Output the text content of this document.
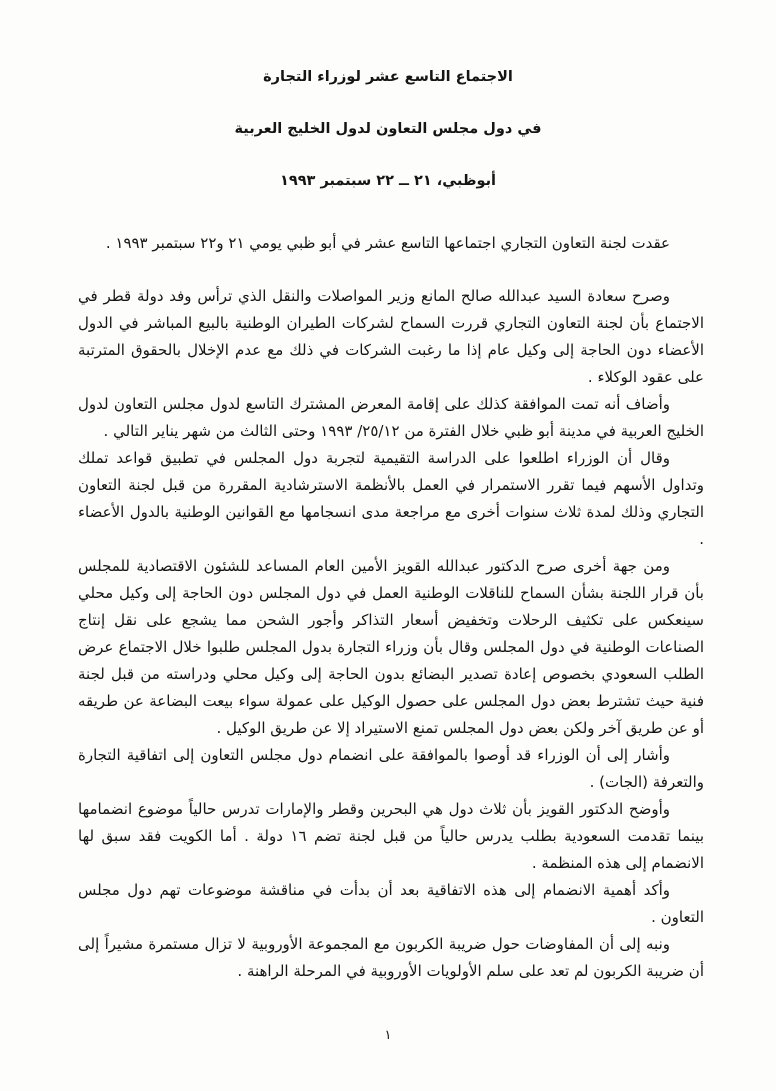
الاجتماع التاسع عشر لوزراء التجارة
في دول مجلس التعاون لدول الخليج العربية
أبوظبي، ٢١ ــ ٢٢ سبتمبر ١٩٩٣

عقدت لجنة التعاون التجاري اجتماعها التاسع عشر في أبو ظبي يومي ٢١ و٢٢ سبتمبر ١٩٩٣ .

وصرح سعادة السيد عبدالله صالح المانع وزير المواصلات والنقل الذي ترأس وفد دولة قطر في الاجتماع بأن لجنة التعاون التجاري قررت السماح لشركات الطيران الوطنية بالبيع المباشر في الدول الأعضاء دون الحاجة إلى وكيل عام إذا ما رغبت الشركات في ذلك مع عدم الإخلال بالحقوق المترتبة على عقود الوكلاء .

وأضاف أنه تمت الموافقة كذلك على إقامة المعرض المشترك التاسع لدول مجلس التعاون لدول الخليج العربية في مدينة أبو ظبي خلال الفترة من ٢٥/١٢/ ١٩٩٣ وحتى الثالث من شهر يناير التالي .

وقال أن الوزراء اطلعوا على الدراسة التقيمية لتجربة دول المجلس في تطبيق قواعد تملك وتداول الأسهم فيما تقرر الاستمرار في العمل بالأنظمة الاسترشادية المقررة من قبل لجنة التعاون التجاري وذلك لمدة ثلاث سنوات أخرى مع مراجعة مدى انسجامها مع القوانين الوطنية بالدول الأعضاء .

ومن جهة أخرى صرح الدكتور عبدالله القويز الأمين العام المساعد للشئون الاقتصادية للمجلس بأن قرار اللجنة بشأن السماح للناقلات الوطنية العمل في دول المجلس دون الحاجة إلى وكيل محلي سينعكس على تكثيف الرحلات وتخفيض أسعار التذاكر وأجور الشحن مما يشجع على نقل إنتاج الصناعات الوطنية في دول المجلس وقال بأن وزراء التجارة بدول المجلس طلبوا خلال الاجتماع عرض الطلب السعودي بخصوص إعادة تصدير البضائع بدون الحاجة إلى وكيل محلي ودراسته من قبل لجنة فنية حيث تشترط بعض دول المجلس على حصول الوكيل على عمولة سواء بيعت البضاعة عن طريقه أو عن طريق آخر ولكن بعض دول المجلس تمنع الاستيراد إلا عن طريق الوكيل .

وأشار إلى أن الوزراء قد أوصوا بالموافقة على انضمام دول مجلس التعاون إلى اتفاقية التجارة والتعرفة (الجات) .

وأوضح الدكتور القويز بأن ثلاث دول هي البحرين وقطر والإمارات تدرس حالياً موضوع انضمامها بينما تقدمت السعودية بطلب يدرس حالياً من قبل لجنة تضم ١٦ دولة . أما الكويت فقد سبق لها الانضمام إلى هذه المنظمة .

وأكد أهمية الانضمام إلى هذه الاتفاقية بعد أن بدأت في مناقشة موضوعات تهم دول مجلس التعاون .

ونبه إلى أن المفاوضات حول ضريبة الكربون مع المجموعة الأوروبية لا تزال مستمرة مشيراً إلى أن ضريبة الكربون لم تعد على سلم الأولويات الأوروبية في المرحلة الراهنة .

١
